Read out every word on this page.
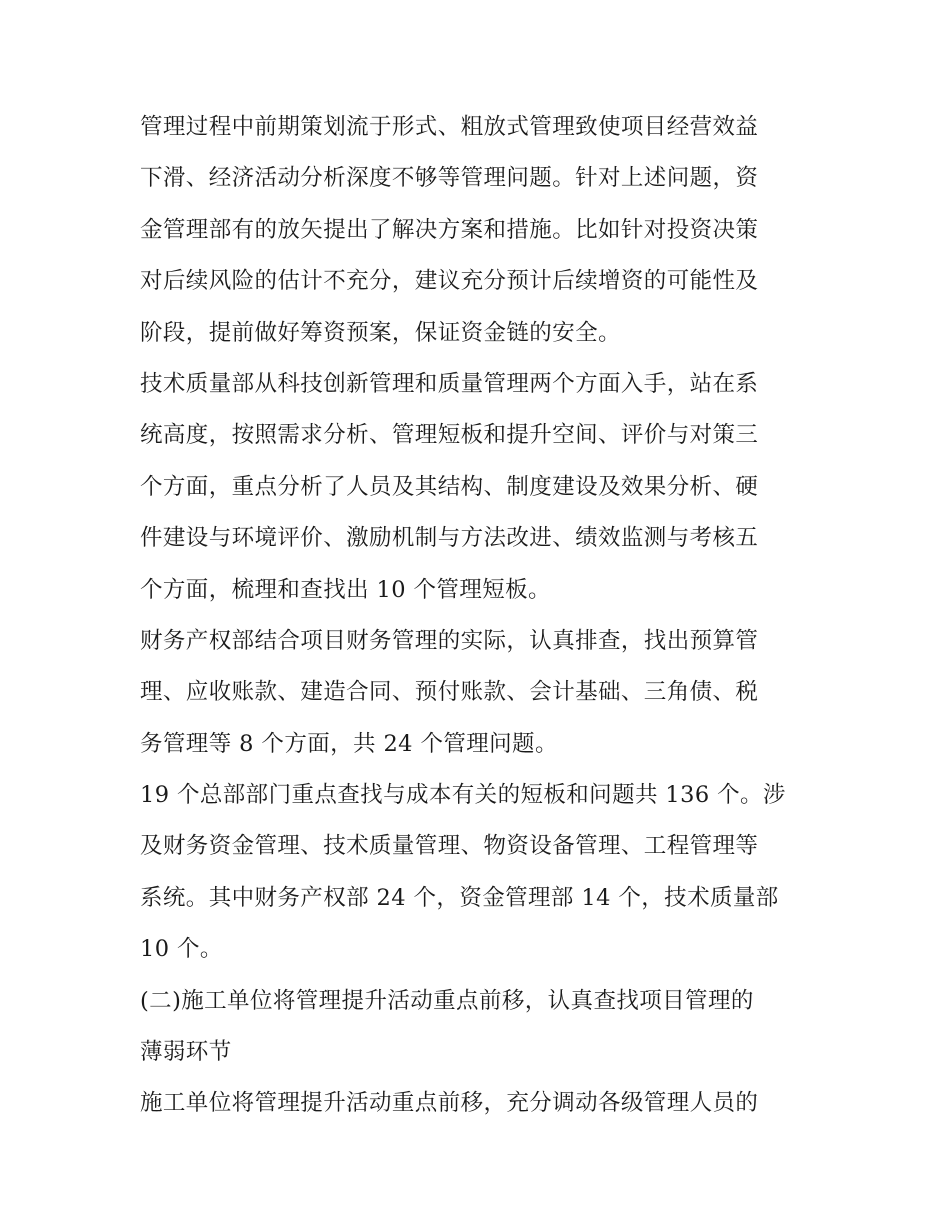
管理过程中前期策划流于形式、粗放式管理致使项目经营效益
下滑、经济活动分析深度不够等管理问题。针对上述问题，资
金管理部有的放矢提出了解决方案和措施。比如针对投资决策
对后续风险的估计不充分，建议充分预计后续增资的可能性及
阶段，提前做好筹资预案，保证资金链的安全。
技术质量部从科技创新管理和质量管理两个方面入手，站在系
统高度，按照需求分析、管理短板和提升空间、评价与对策三
个方面，重点分析了人员及其结构、制度建设及效果分析、硬
件建设与环境评价、激励机制与方法改进、绩效监测与考核五
个方面，梳理和查找出 10 个管理短板。
财务产权部结合项目财务管理的实际，认真排查，找出预算管
理、应收账款、建造合同、预付账款、会计基础、三角债、税
务管理等 8 个方面，共 24 个管理问题。
19 个总部部门重点查找与成本有关的短板和问题共 136 个。涉
及财务资金管理、技术质量管理、物资设备管理、工程管理等
系统。其中财务产权部 24 个，资金管理部 14 个，技术质量部
10 个。
(二)施工单位将管理提升活动重点前移，认真查找项目管理的
薄弱环节
施工单位将管理提升活动重点前移，充分调动各级管理人员的
